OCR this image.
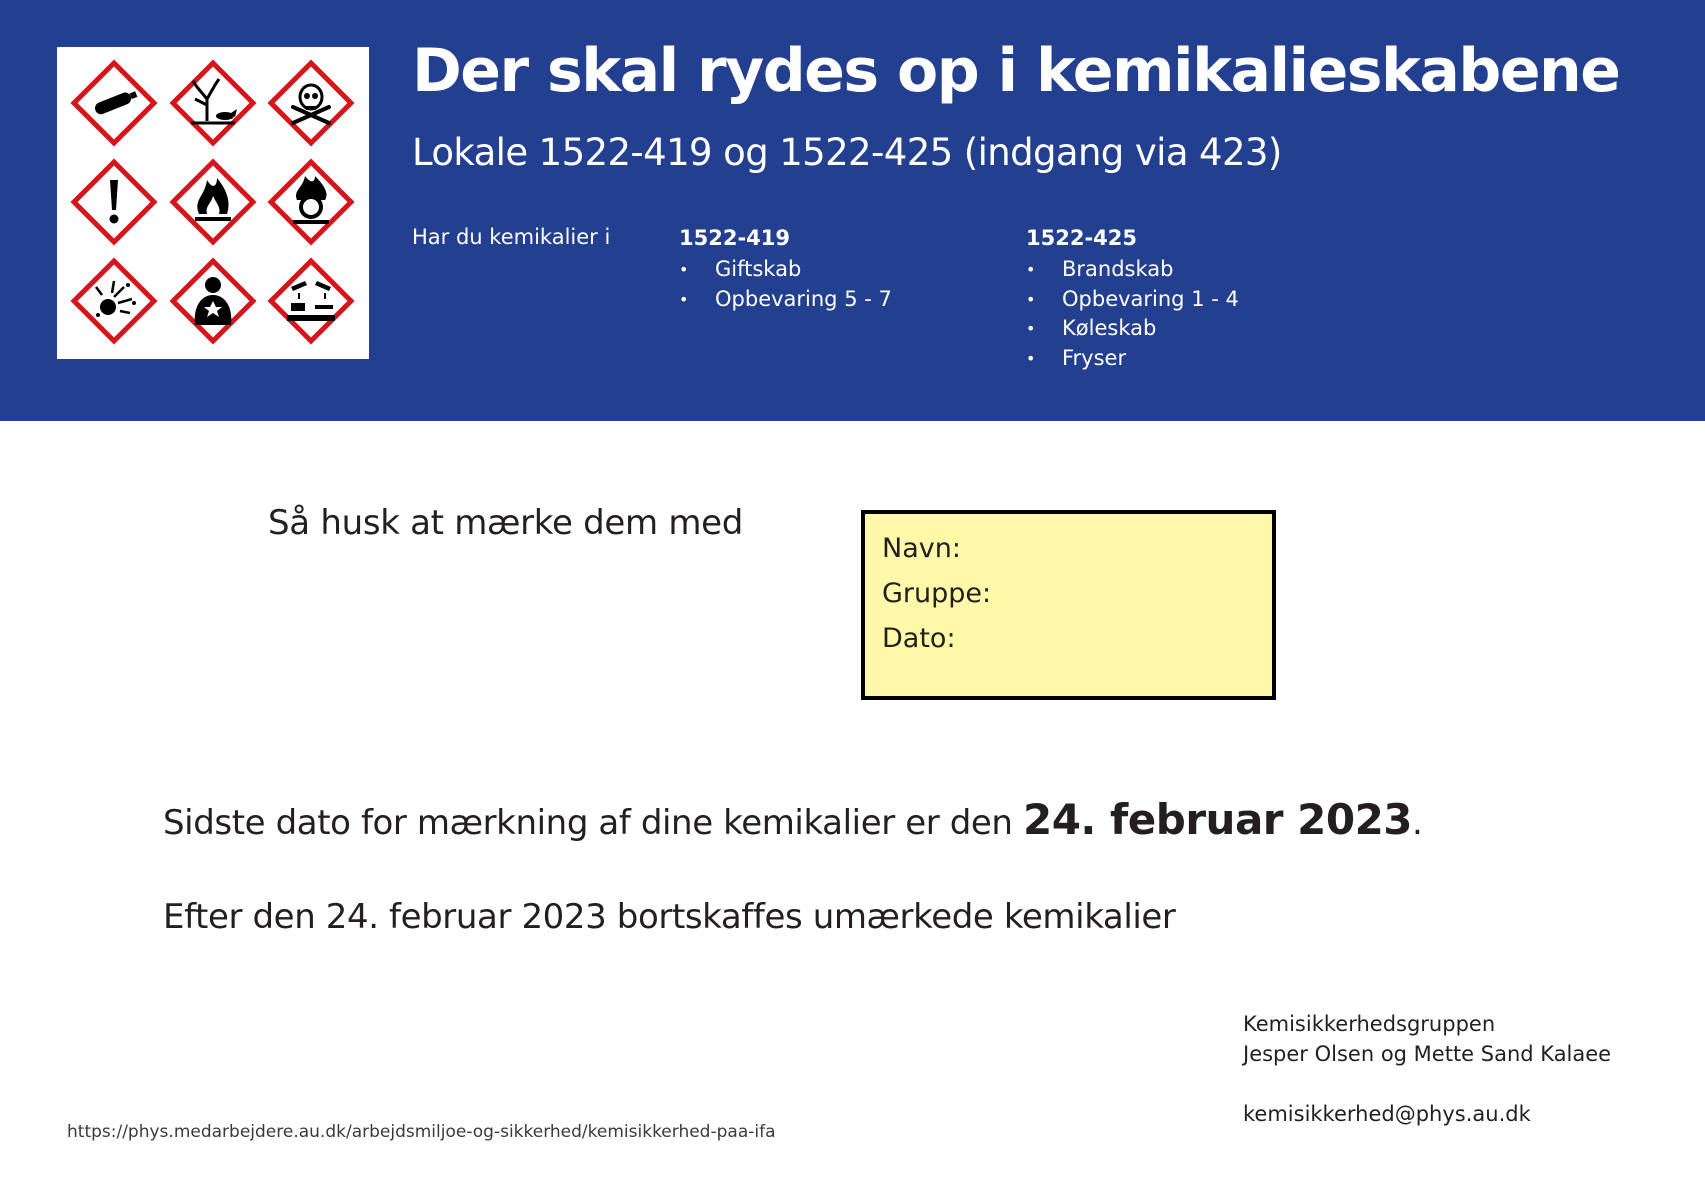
Der skal rydes op i kemikalieskabene
Lokale 1522-419 og 1522-425 (indgang via 423)
Har du kemikalier i	1522-419
• Giftskab
• Opbevaring 5 - 7
1522-425
• Brandskab
• Opbevaring 1 - 4
• Køleskab
• Fryser
Så husk at mærke dem med
Navn:
Gruppe:
Dato:
Sidste dato for mærkning af dine kemikalier er den 24. februar 2023.
Efter den 24. februar 2023 bortskaffes umærkede kemikalier
Kemisikkerhedsgruppen
Jesper Olsen og Mette Sand Kalaee
kemisikkerhed@phys.au.dk
https://phys.medarbejdere.au.dk/arbejdsmiljoe-og-sikkerhed/kemisikkerhed-paa-ifa
